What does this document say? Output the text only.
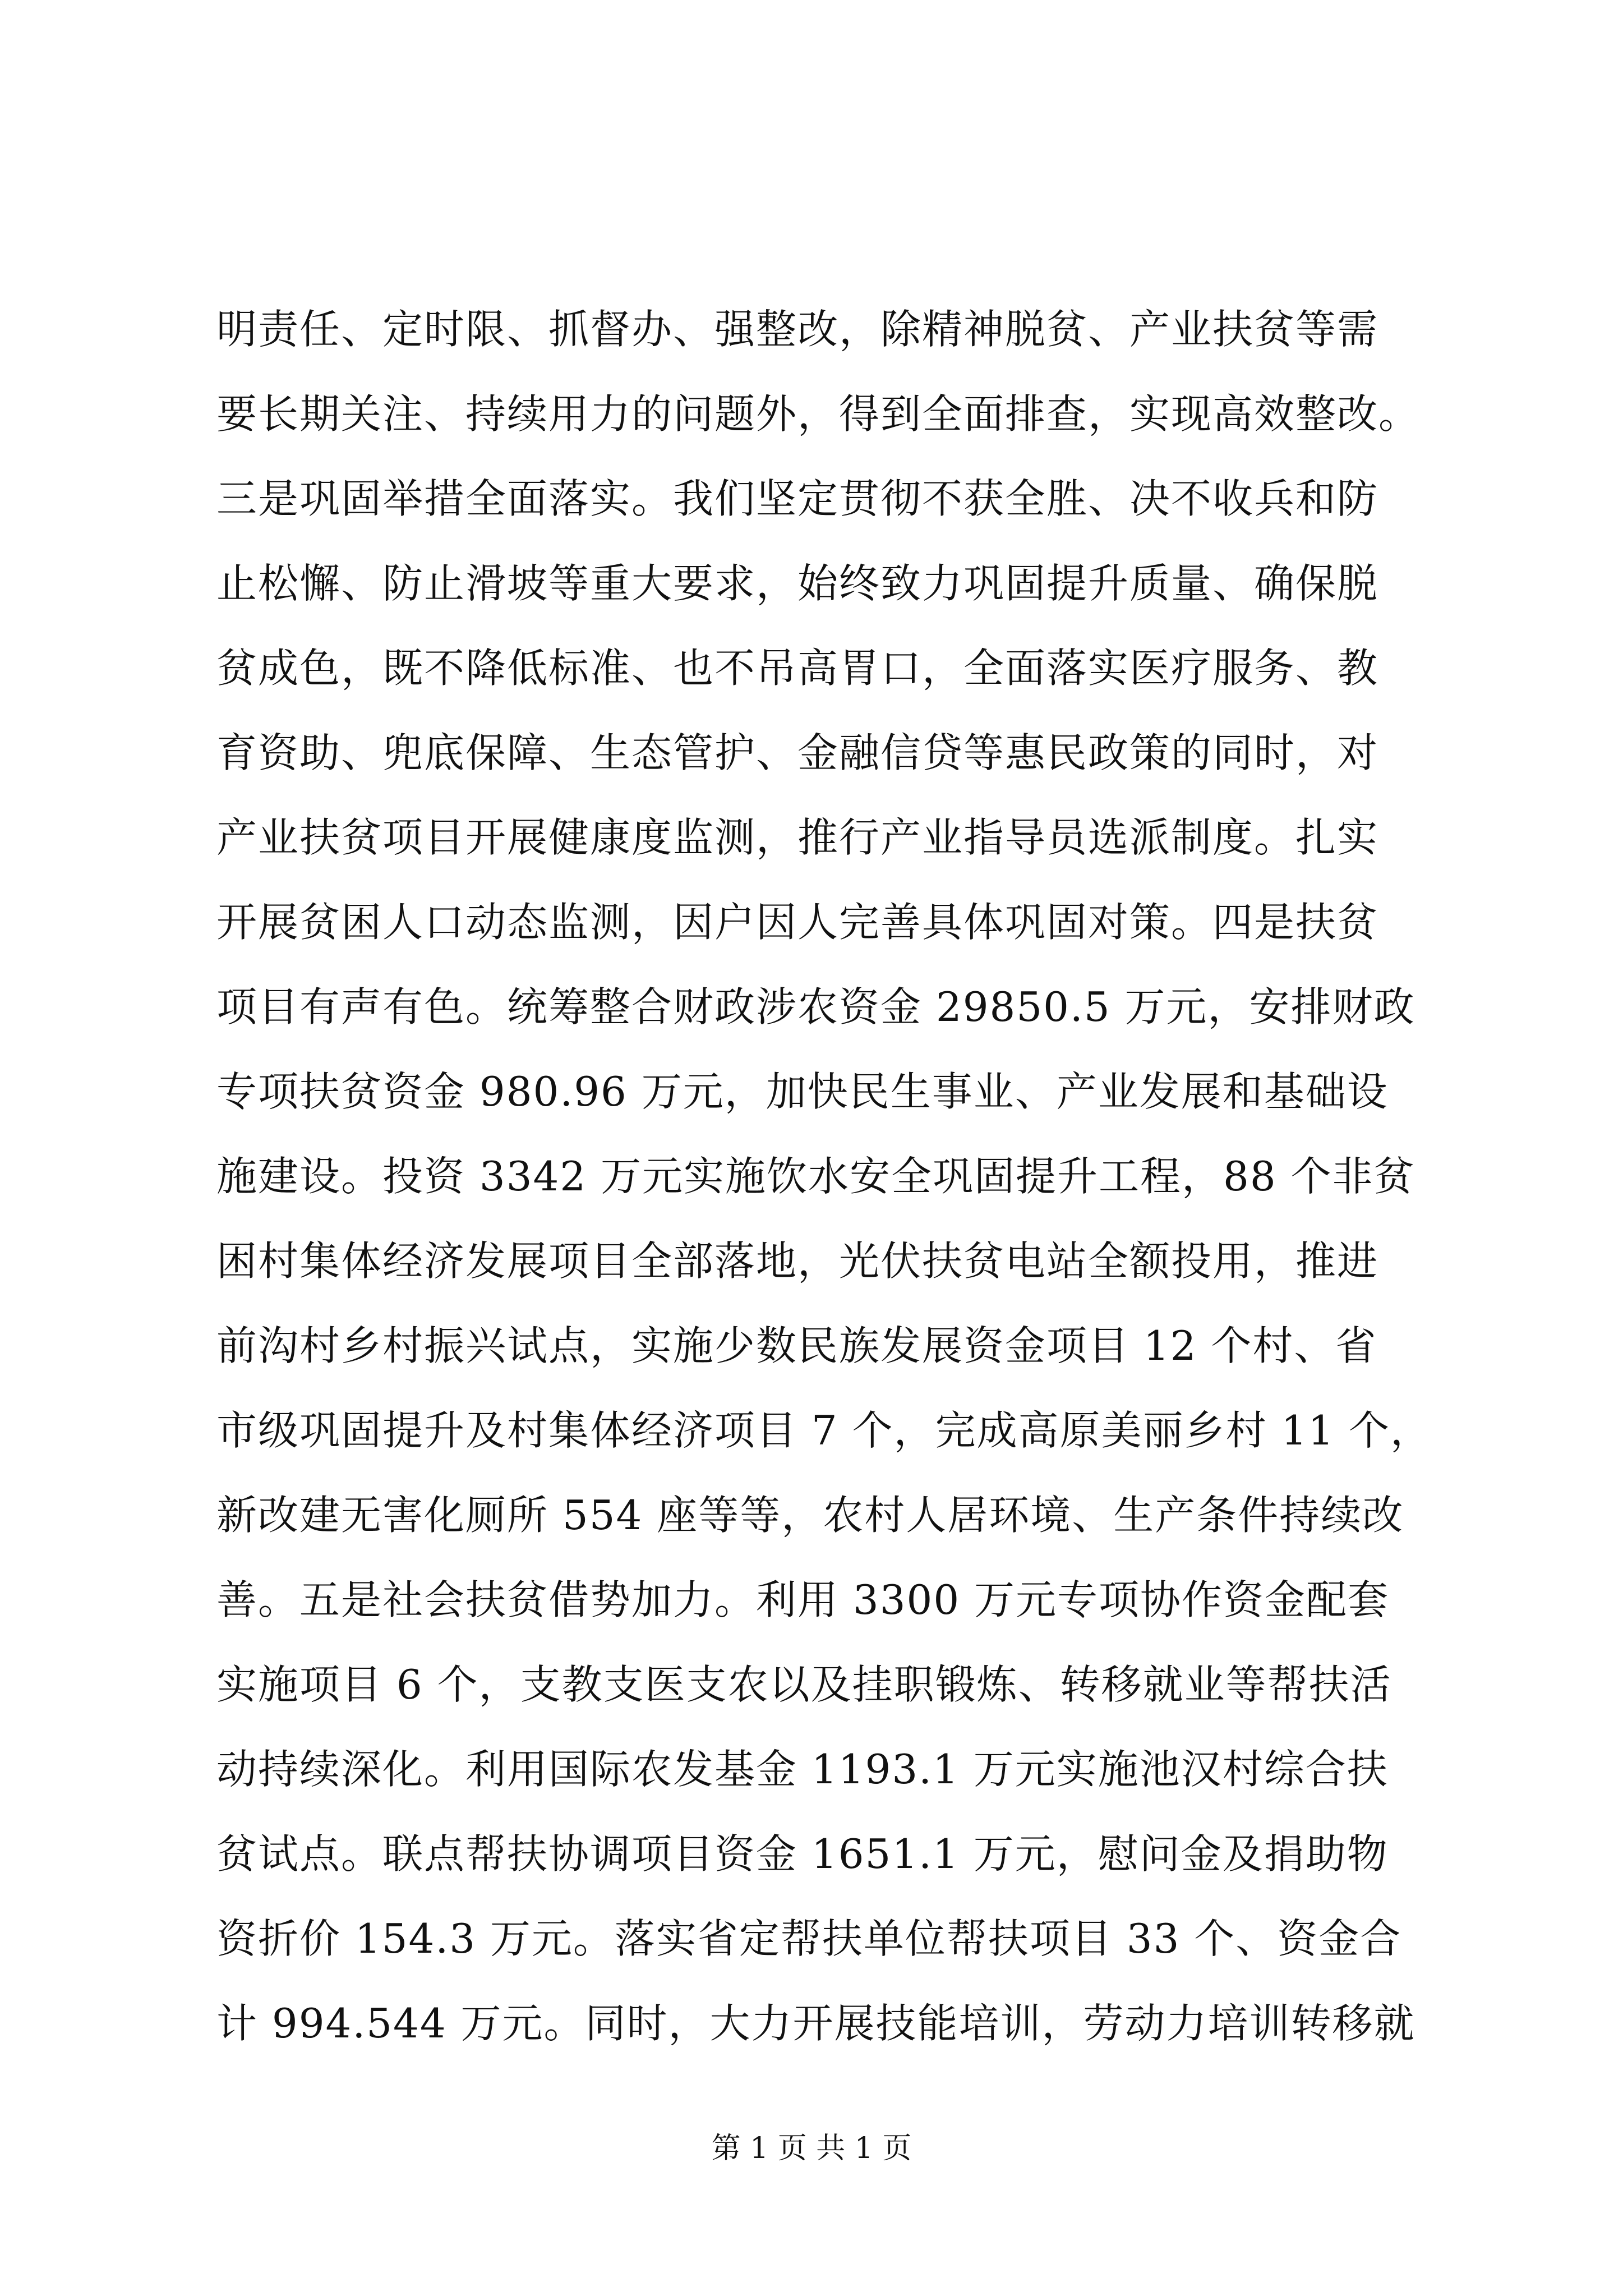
明责任、定时限、抓督办、强整改，除精神脱贫、产业扶贫等需
要长期关注、持续用力的问题外，得到全面排查，实现高效整改。
三是巩固举措全面落实。我们坚定贯彻不获全胜、决不收兵和防
止松懈、防止滑坡等重大要求，始终致力巩固提升质量、确保脱
贫成色，既不降低标准、也不吊高胃口，全面落实医疗服务、教
育资助、兜底保障、生态管护、金融信贷等惠民政策的同时，对
产业扶贫项目开展健康度监测，推行产业指导员选派制度。扎实
开展贫困人口动态监测，因户因人完善具体巩固对策。四是扶贫
项目有声有色。统筹整合财政涉农资金 29850.5 万元，安排财政
专项扶贫资金 980.96 万元，加快民生事业、产业发展和基础设
施建设。投资 3342 万元实施饮水安全巩固提升工程，88 个非贫
困村集体经济发展项目全部落地，光伏扶贫电站全额投用，推进
前沟村乡村振兴试点，实施少数民族发展资金项目 12 个村、省
市级巩固提升及村集体经济项目 7 个，完成高原美丽乡村 11 个，
新改建无害化厕所 554 座等等，农村人居环境、生产条件持续改
善。五是社会扶贫借势加力。利用 3300 万元专项协作资金配套
实施项目 6 个，支教支医支农以及挂职锻炼、转移就业等帮扶活
动持续深化。利用国际农发基金 1193.1 万元实施池汉村综合扶
贫试点。联点帮扶协调项目资金 1651.1 万元，慰问金及捐助物
资折价 154.3 万元。落实省定帮扶单位帮扶项目 33 个、资金合
计 994.544 万元。同时，大力开展技能培训，劳动力培训转移就
第 1 页 共 1 页
